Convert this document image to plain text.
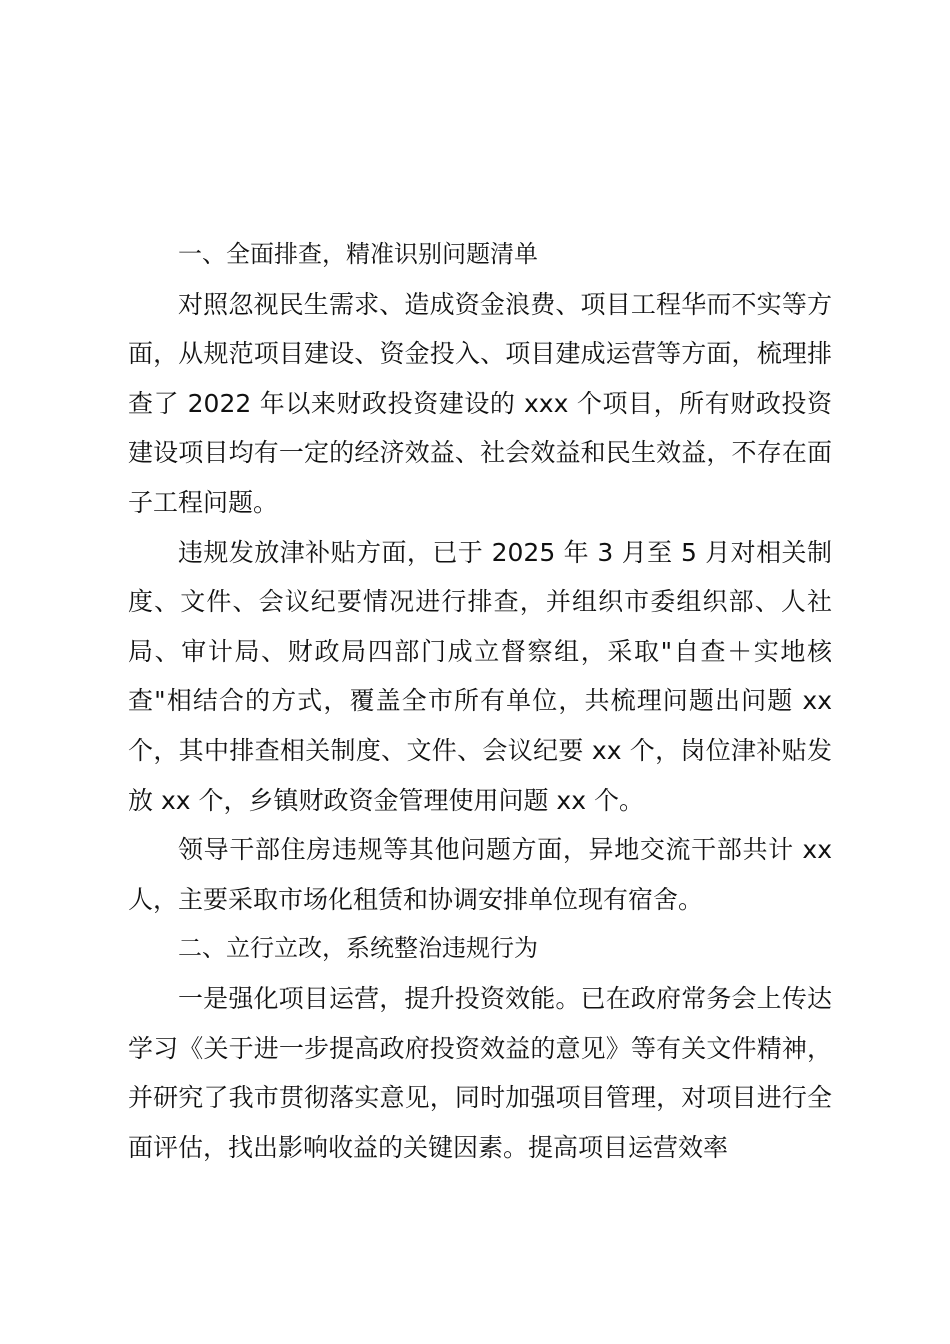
一、全面排查，精准识别问题清单

对照忽视民生需求、造成资金浪费、项目工程华而不实等方面，从规范项目建设、资金投入、项目建成运营等方面，梳理排查了 2022 年以来财政投资建设的 xxx 个项目，所有财政投资建设项目均有一定的经济效益、社会效益和民生效益，不存在面子工程问题。

违规发放津补贴方面，已于 2025 年 3 月至 5 月对相关制度、文件、会议纪要情况进行排查，并组织市委组织部、人社局、审计局、财政局四部门成立督察组，采取"自查＋实地核查"相结合的方式，覆盖全市所有单位，共梳理问题出问题 xx 个，其中排查相关制度、文件、会议纪要 xx 个，岗位津补贴发放 xx 个，乡镇财政资金管理使用问题 xx 个。

领导干部住房违规等其他问题方面，异地交流干部共计 xx 人，主要采取市场化租赁和协调安排单位现有宿舍。

二、立行立改，系统整治违规行为

一是强化项目运营，提升投资效能。已在政府常务会上传达学习《关于进一步提高政府投资效益的意见》等有关文件精神，并研究了我市贯彻落实意见，同时加强项目管理，对项目进行全面评估，找出影响收益的关键因素。提高项目运营效率
